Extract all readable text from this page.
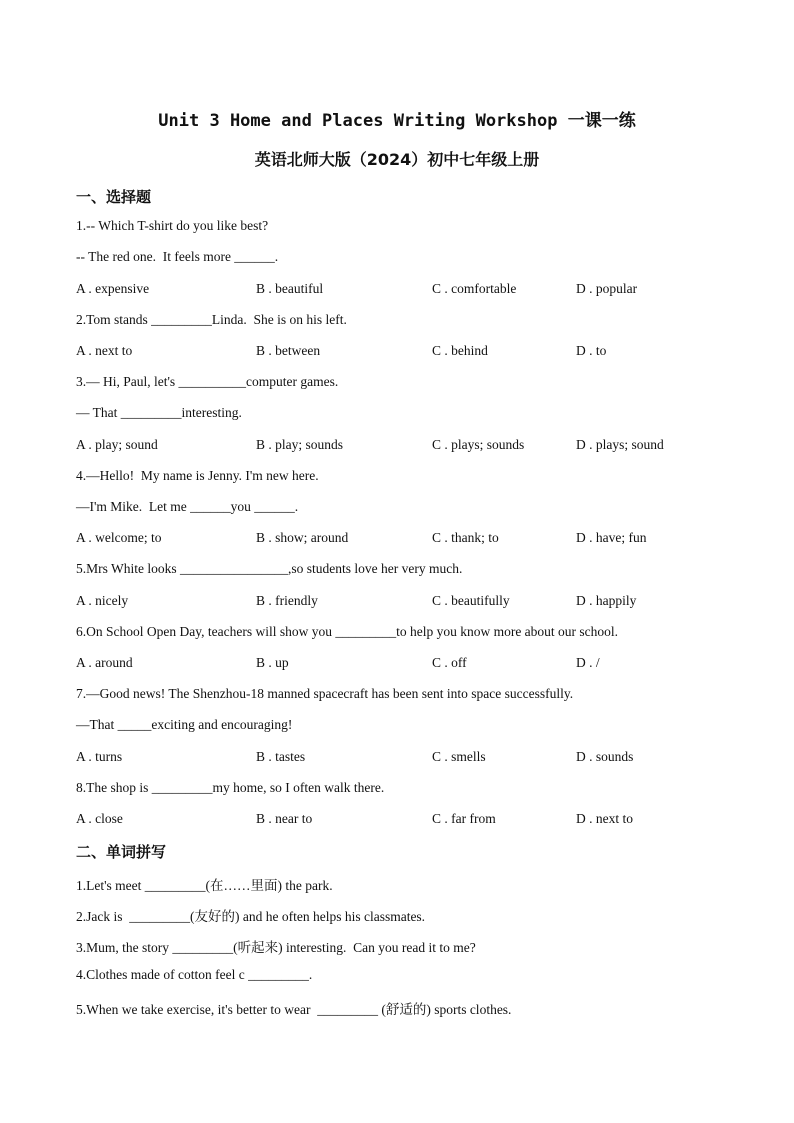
Unit 3 Home and Places Writing Workshop 一课一练
英语北师大版（2024）初中七年级上册
一、选择题
1.-- Which T-shirt do you like best?
-- The red one.  It feels more ______.
A . expensive	B . beautiful	C . comfortable	D . popular
2.Tom stands _________Linda.  She is on his left.
A . next to	B . between	C . behind	D . to
3.— Hi, Paul, let's __________computer games.
— That _________interesting.
A . play; sound	B . play; sounds	C . plays; sounds	D . plays; sound
4.—Hello!  My name is Jenny. I'm new here.
—I'm Mike.  Let me ______you ______.
A . welcome; to	B . show; around	C . thank; to	D . have; fun
5.Mrs White looks ________________,so students love her very much.
A . nicely	B . friendly	C . beautifully	D . happily
6.On School Open Day, teachers will show you _________to help you know more about our school.
A . around	B . up	C . off	D . /
7.—Good news! The Shenzhou-18 manned spacecraft has been sent into space successfully.
—That _____exciting and encouraging!
A . turns	B . tastes	C . smells	D . sounds
8.The shop is _________my home, so I often walk there.
A . close	B . near to	C . far from	D . next to
二、单词拼写
1.Let's meet _________(在……里面) the park.
2.Jack is  _________(友好的) and he often helps his classmates.
3.Mum, the story _________(听起来) interesting.  Can you read it to me?
4.Clothes made of cotton feel c _________.
5.When we take exercise, it's better to wear  _________ (舒适的) sports clothes.
